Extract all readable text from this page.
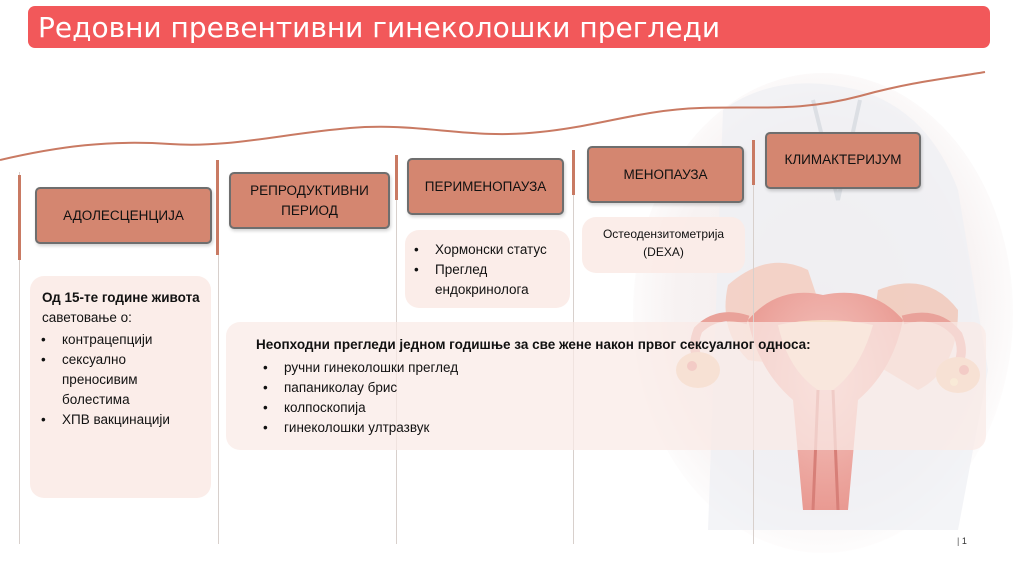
Редовни превентивни гинеколошки прегледи
АДОЛЕСЦЕНЦИЈА
РЕПРОДУКТИВНИ ПЕРИОД
ПЕРИМЕНОПАУЗА
МЕНОПАУЗА
КЛИМАКТЕРИЈУМ
Од 15-те године живота саветовање о:
• контрацепцији
• сексуално преносивим болестима
• ХПВ вакцинацији
• Хормонски статус
• Преглед ендокринолога
Остеодензитометрија (DEXA)
Неопходни прегледи једном годишње за све жене након првог сексуалног односа:
• ручни гинеколошки преглед
• папаниколау брис
• колпоскопија
• гинеколошки ултразвук
| 1
